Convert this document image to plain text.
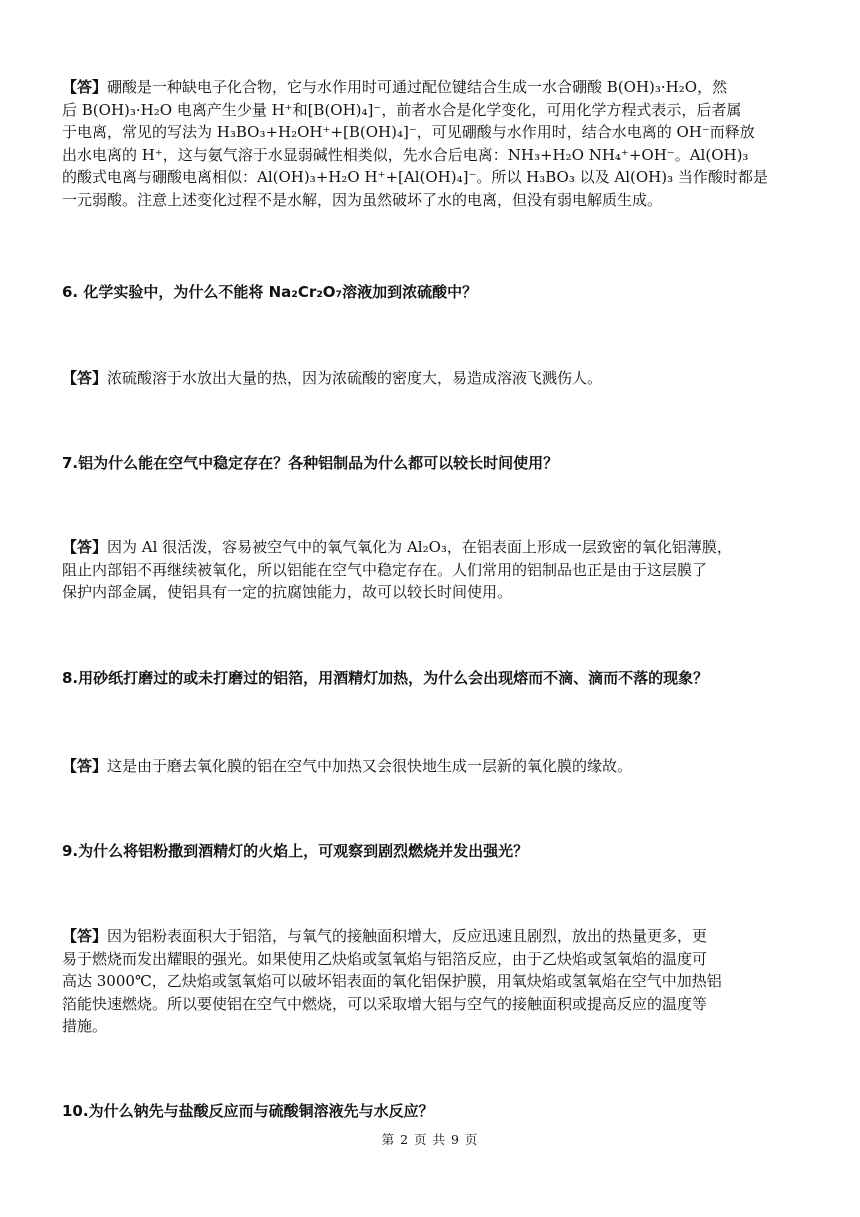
【答】硼酸是一种缺电子化合物，它与水作用时可通过配位键结合生成一水合硼酸 B(OH)₃·H₂O，然

后 B(OH)₃·H₂O 电离产生少量 H⁺和[B(OH)₄]⁻，前者水合是化学变化，可用化学方程式表示，后者属

于电离，常见的写法为 H₃BO₃+H₂OH⁺+[B(OH)₄]⁻，可见硼酸与水作用时，结合水电离的 OH⁻而释放

出水电离的 H⁺，这与氨气溶于水显弱碱性相类似，先水合后电离：NH₃+H₂O NH₄⁺+OH⁻。Al(OH)₃

的酸式电离与硼酸电离相似：Al(OH)₃+H₂O H⁺+[Al(OH)₄]⁻。所以 H₃BO₃ 以及 Al(OH)₃ 当作酸时都是

一元弱酸。注意上述变化过程不是水解，因为虽然破坏了水的电离，但没有弱电解质生成。

6. 化学实验中，为什么不能将 Na₂Cr₂O₇溶液加到浓硫酸中？

【答】浓硫酸溶于水放出大量的热，因为浓硫酸的密度大，易造成溶液飞溅伤人。

7.铝为什么能在空气中稳定存在？各种铝制品为什么都可以较长时间使用？

【答】因为 Al 很活泼，容易被空气中的氧气氧化为 Al₂O₃，在铝表面上形成一层致密的氧化铝薄膜，

阻止内部铝不再继续被氧化，所以铝能在空气中稳定存在。人们常用的铝制品也正是由于这层膜了

保护内部金属，使铝具有一定的抗腐蚀能力，故可以较长时间使用。

8.用砂纸打磨过的或未打磨过的铝箔，用酒精灯加热，为什么会出现熔而不滴、滴而不落的现象？

【答】这是由于磨去氧化膜的铝在空气中加热又会很快地生成一层新的氧化膜的缘故。

9.为什么将铝粉撒到酒精灯的火焰上，可观察到剧烈燃烧并发出强光？

【答】因为铝粉表面积大于铝箔，与氧气的接触面积增大，反应迅速且剧烈，放出的热量更多，更

易于燃烧而发出耀眼的强光。如果使用乙炔焰或氢氧焰与铝箔反应，由于乙炔焰或氢氧焰的温度可

高达 3000℃，乙炔焰或氢氧焰可以破坏铝表面的氧化铝保护膜，用氧炔焰或氢氧焰在空气中加热铝

箔能快速燃烧。所以要使铝在空气中燃烧，可以采取增大铝与空气的接触面积或提高反应的温度等

措施。

10.为什么钠先与盐酸反应而与硫酸铜溶液先与水反应？
第 2 页 共 9 页
